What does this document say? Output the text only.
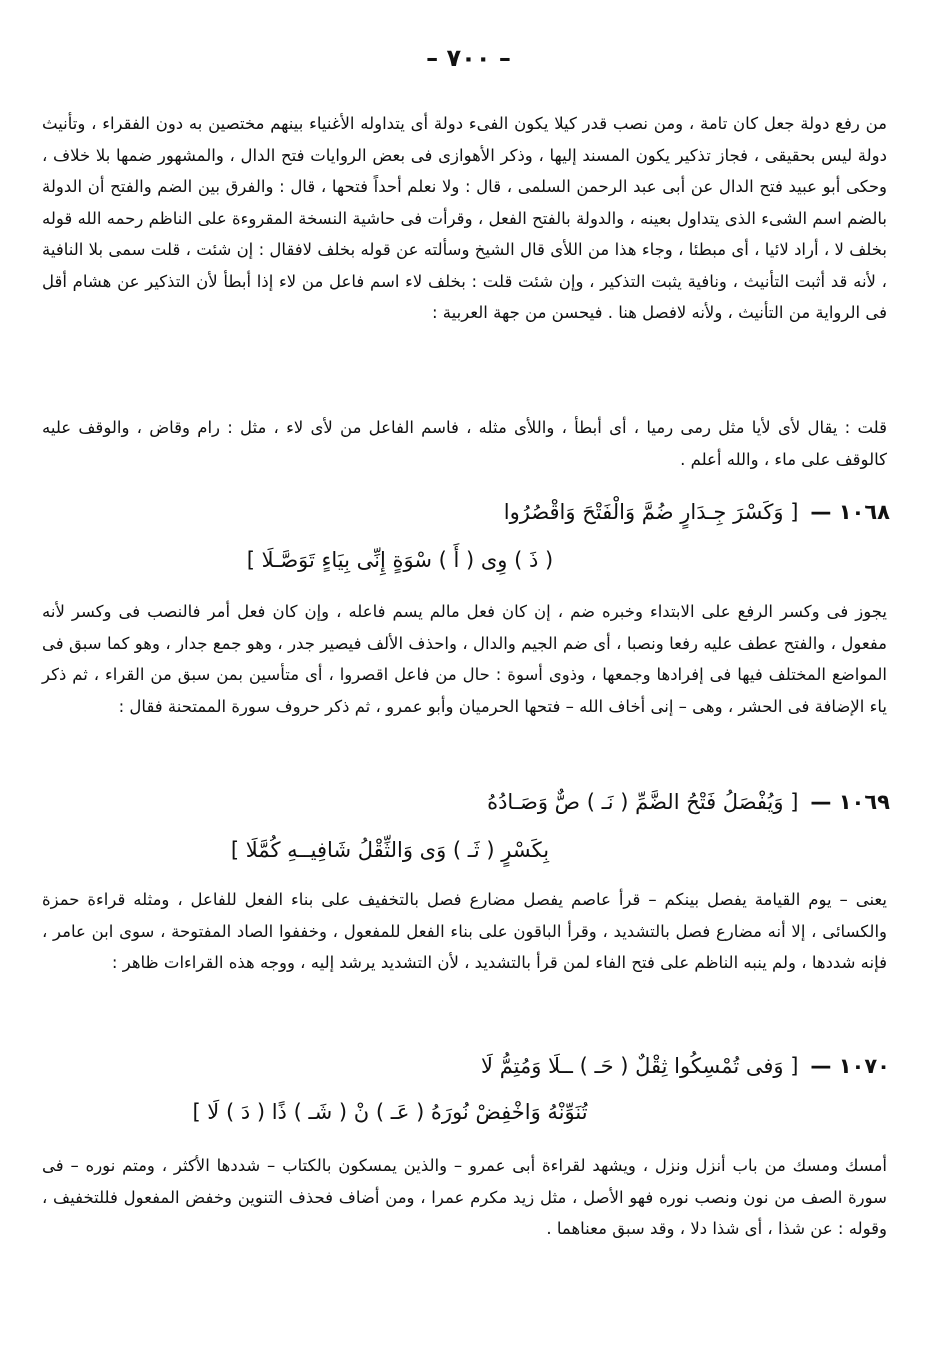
– ٧٠٠ –

من رفع دولة جعل كان تامة ، ومن نصب قدر كيلا يكون الفىء دولة أى يتداوله الأغنياء بينهم مختصين به دون الفقراء ، وتأنيث دولة ليس بحقيقى ، فجاز تذكير يكون المسند إليها ، وذكر الأهوازى فى بعض الروايات فتح الدال ، والمشهور ضمها بلا خلاف ، وحكى أبو عبيد فتح الدال عن أبى عبد الرحمن السلمى ، قال : ولا نعلم أحداً فتحها ، قال : والفرق بين الضم والفتح أن الدولة بالضم اسم الشىء الذى يتداول بعينه ، والدولة بالفتح الفعل ، وقرأت فى حاشية النسخة المقروءة على الناظم رحمه الله قوله بخلف لا ، أراد لائيا ، أى مبطئا ، وجاء هذا من اللأى قال الشيخ وسألته عن قوله بخلف لافقال : إن شئت ، قلت سمى بلا النافية ، لأنه قد أثبت التأنيث ، ونافية يثبت التذكير ، وإن شئت قلت : بخلف لاء اسم فاعل من لاء إذا أبطأ لأن التذكير عن هشام أقل فى الرواية من التأنيث ، ولأنه لافصل هنا . فيحسن من جهة العربية :

قلت : يقال لأى لأيا مثل رمى رميا ، أى أبطأ ، واللأى مثله ، فاسم الفاعل من لأى لاء ، مثل : رام وقاض ، والوقف عليه كالوقف على ماء ، والله أعلم .

١٠٦٨ —[ وَكَسْرَ جِـدَارٍ ضُمَّ وَالْفَتْحَ وَاقْصُرُوا
( ذَ ) وِى ( أَ ) سْوَةٍ إِنِّى بِيَاءٍ تَوَصَّـلَا ]

يجوز فى وكسر الرفع على الابتداء وخبره ضم ، إن كان فعل مالم يسم فاعله ، وإن كان فعل أمر فالنصب فى وكسر لأنه مفعول ، والفتح عطف عليه رفعا ونصبا ، أى ضم الجيم والدال ، واحذف الألف فيصير جدر ، وهو جمع جدار ، وهو كما سبق فى المواضع المختلف فيها فى إفرادها وجمعها ، وذوى أسوة : حال من فاعل اقصروا ، أى متأسين بمن سبق من القراء ، ثم ذكر ياء الإضافة فى الحشر ، وهى – إنى أخاف الله – فتحها الحرميان وأبو عمرو ، ثم ذكر حروف سورة الممتحنة فقال :

١٠٦٩ —[ وَيُفْصَلُ فَتْحُ الضَّمِّ ( نَـ ) صٌّ وَصَـادُهُ
بِكَسْرٍ ( ثَـ ) وَى وَالثِّقْلُ شَافِيــهِ كُمَّلَا ]

يعنى – يوم القيامة يفصل بينكم – قرأ عاصم يفصل مضارع فصل بالتخفيف على بناء الفعل للفاعل ، ومثله قراءة حمزة والكسائى ، إلا أنه مضارع فصل بالتشديد ، وقرأ الباقون على بناء الفعل للمفعول ، وخففوا الصاد المفتوحة ، سوى ابن عامر ، فإنه شددها ، ولم ينبه الناظم على فتح الفاء لمن قرأ بالتشديد ، لأن التشديد يرشد إليه ، ووجه هذه القراءات ظاهر :

١٠٧٠ —[ وَفى تُمْسِكُوا ثِقْلٌ ( حَـ ) ــلَا وَمُتِمُّ لَا
تُنَوِّنْهُ وَاخْفِضْ نُورَهُ ( عَـ ) نْ ( شَـ ) ذًا ( دَ ) لَا ]

أمسك ومسك من باب أنزل ونزل ، ويشهد لقراءة أبى عمرو – والذين يمسكون بالكتاب – شددها الأكثر ، ومتم نوره – فى سورة الصف من نون ونصب نوره فهو الأصل ، مثل زيد مكرم عمرا ، ومن أضاف فحذف التنوين وخفض المفعول فللتخفيف ، وقوله : عن شذا ، أى شذا دلا ، وقد سبق معناهما .
